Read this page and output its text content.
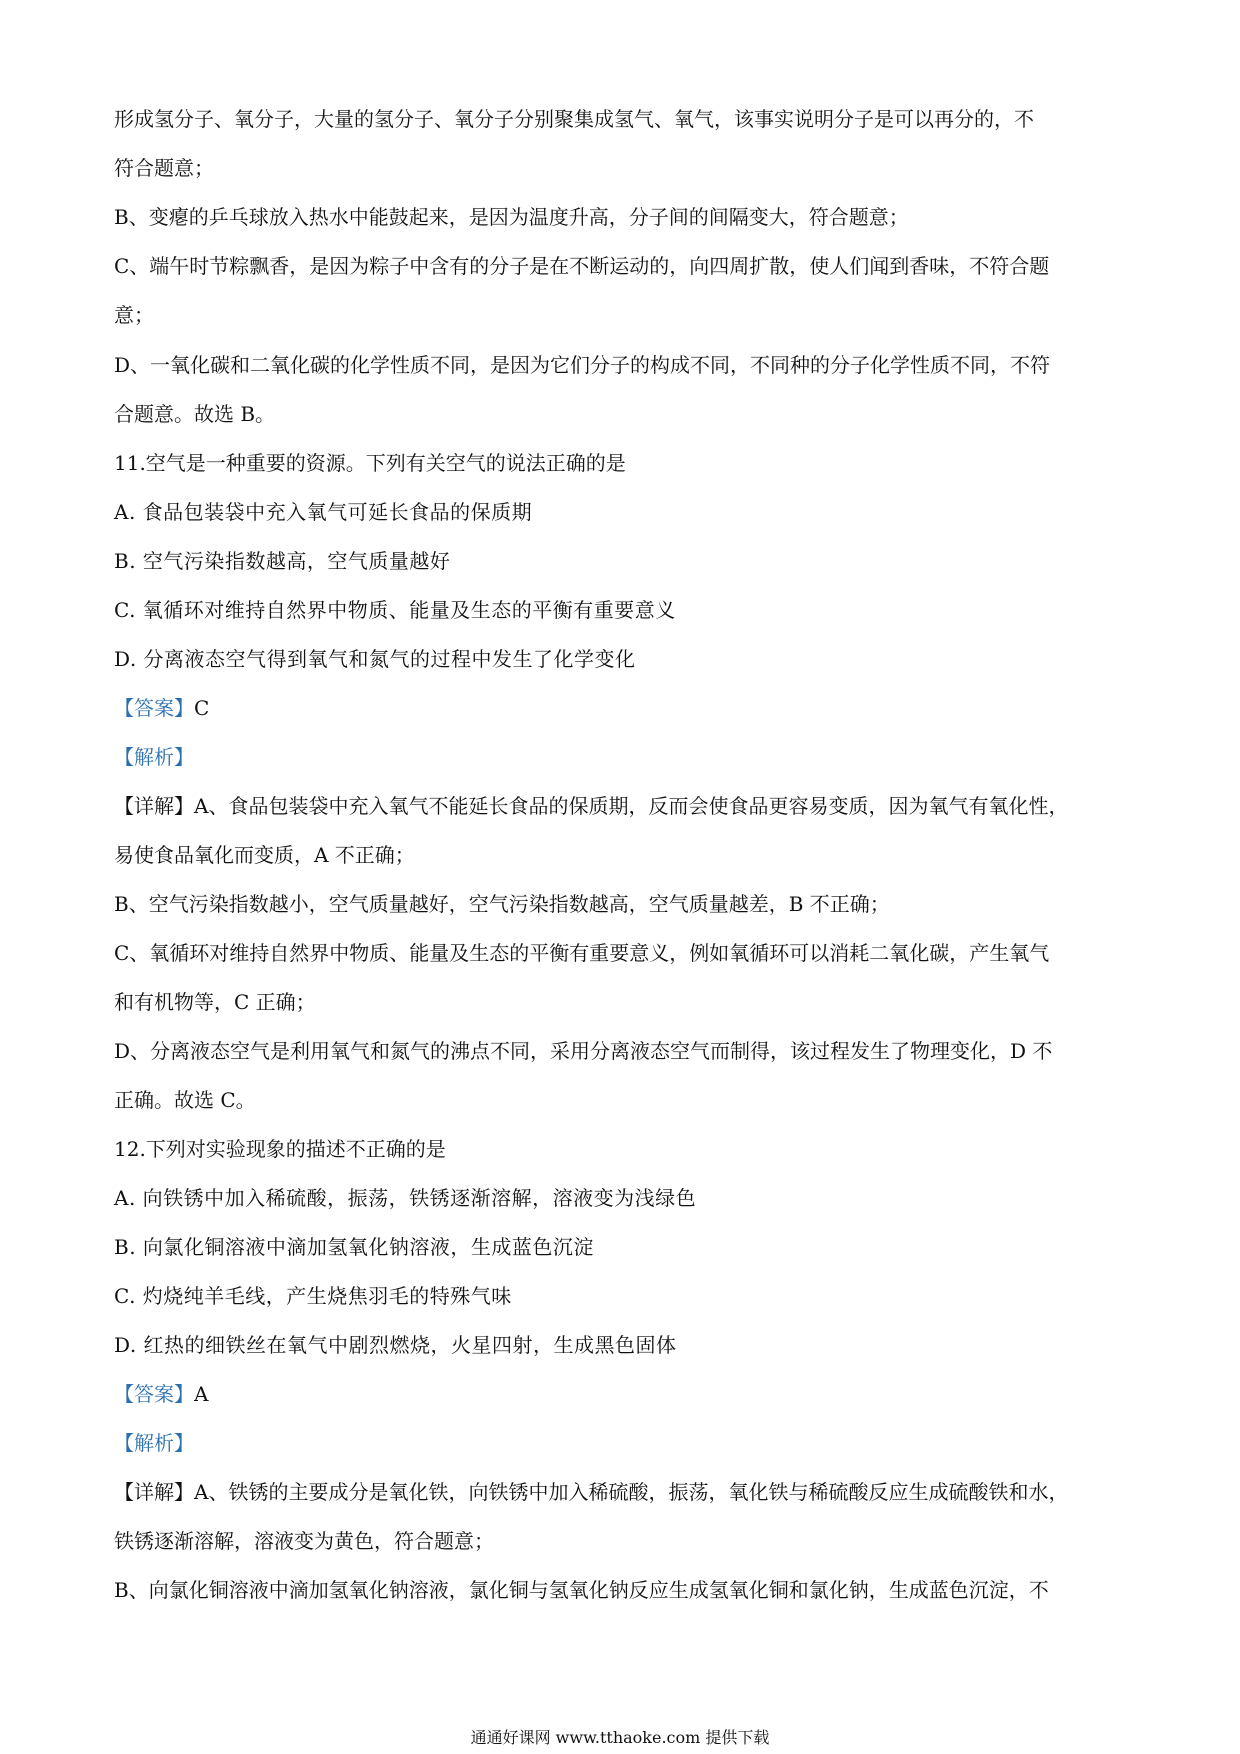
形成氢分子、氧分子，大量的氢分子、氧分子分别聚集成氢气、氧气，该事实说明分子是可以再分的，不
符合题意；
B、变瘪的乒乓球放入热水中能鼓起来，是因为温度升高，分子间的间隔变大，符合题意；
C、端午时节粽飘香，是因为粽子中含有的分子是在不断运动的，向四周扩散，使人们闻到香味，不符合题
意；
D、一氧化碳和二氧化碳的化学性质不同，是因为它们分子的构成不同，不同种的分子化学性质不同，不符
合题意。故选 B。
11.空气是一种重要的资源。下列有关空气的说法正确的是
A. 食品包装袋中充入氧气可延长食品的保质期
B. 空气污染指数越高，空气质量越好
C. 氧循环对维持自然界中物质、能量及生态的平衡有重要意义
D. 分离液态空气得到氧气和氮气的过程中发生了化学变化
【答案】C
【解析】
【详解】A、食品包装袋中充入氧气不能延长食品的保质期，反而会使食品更容易变质，因为氧气有氧化性，
易使食品氧化而变质，A 不正确；
B、空气污染指数越小，空气质量越好，空气污染指数越高，空气质量越差，B 不正确；
C、氧循环对维持自然界中物质、能量及生态的平衡有重要意义，例如氧循环可以消耗二氧化碳，产生氧气
和有机物等，C 正确；
D、分离液态空气是利用氧气和氮气的沸点不同，采用分离液态空气而制得，该过程发生了物理变化，D 不
正确。故选 C。
12.下列对实验现象的描述不正确的是
A. 向铁锈中加入稀硫酸，振荡，铁锈逐渐溶解，溶液变为浅绿色
B. 向氯化铜溶液中滴加氢氧化钠溶液，生成蓝色沉淀
C. 灼烧纯羊毛线，产生烧焦羽毛的特殊气味
D. 红热的细铁丝在氧气中剧烈燃烧，火星四射，生成黑色固体
【答案】A
【解析】
【详解】A、铁锈的主要成分是氧化铁，向铁锈中加入稀硫酸，振荡，氧化铁与稀硫酸反应生成硫酸铁和水，
铁锈逐渐溶解，溶液变为黄色，符合题意；
B、向氯化铜溶液中滴加氢氧化钠溶液，氯化铜与氢氧化钠反应生成氢氧化铜和氯化钠，生成蓝色沉淀，不
通通好课网 www.tthaoke.com 提供下载
